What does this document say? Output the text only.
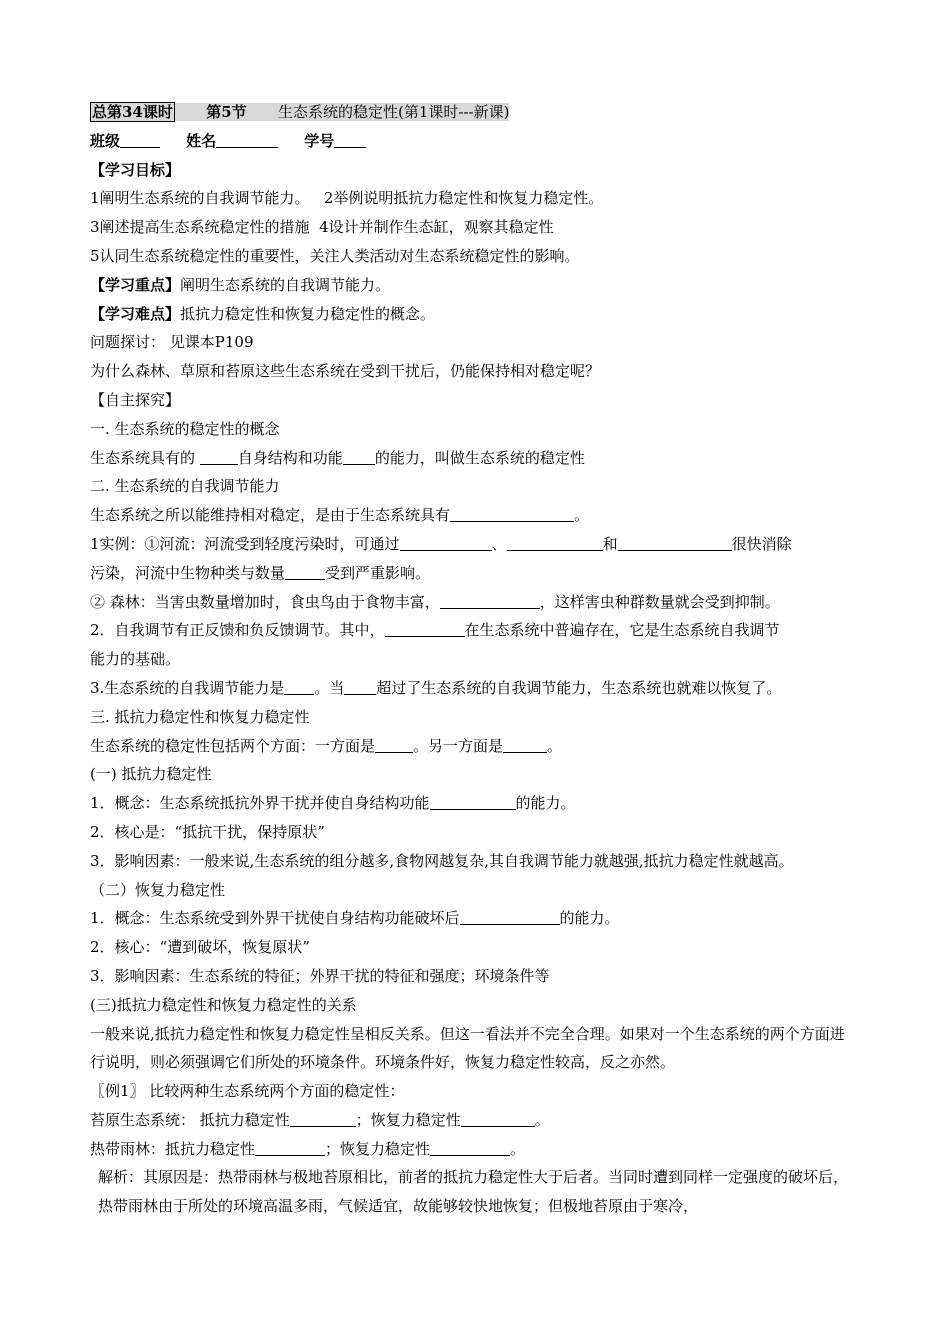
总第34课时 第5节 生态系统的稳定性(第1课时---新课)
班级	姓名	学号
【学习目标】
1阐明生态系统的自我调节能力。 2举例说明抵抗力稳定性和恢复力稳定性。
3阐述提高生态系统稳定性的措施 4设计并制作生态缸，观察其稳定性
5认同生态系统稳定性的重要性，关注人类活动对生态系统稳定性的影响。
【学习重点】阐明生态系统的自我调节能力。
【学习难点】抵抗力稳定性和恢复力稳定性的概念。
问题探讨： 见课本P109
为什么森林、草原和苔原这些生态系统在受到干扰后，仍能保持相对稳定呢？
【自主探究】
一. 生态系统的稳定性的概念
生态系统具有的	自身结构和功能 的能力，叫做生态系统的稳定性
二. 生态系统的自我调节能力
生态系统之所以能维持相对稳定，是由于生态系统具有	。
1实例：①河流：河流受到轻度污染时，可通过	、	和	很快消除
污染，河流中生物种类与数量	受到严重影响。
② 森林：当害虫数量增加时，食虫鸟由于食物丰富，	，这样害虫种群数量就会受到抑制。
2．自我调节有正反馈和负反馈调节。其中，	在生态系统中普遍存在，它是生态系统自我调节
能力的基础。
3.生态系统的自我调节能力是 。当 超过了生态系统的自我调节能力，生态系统也就难以恢复了。
三. 抵抗力稳定性和恢复力稳定性
生态系统的稳定性包括两个方面：一方面是	。另一方面是	。
(一) 抵抗力稳定性
1．概念：生态系统抵抗外界干扰并使自身结构功能	的能力。
2．核心是：“抵抗干扰，保持原状”
3．影响因素：一般来说,生态系统的组分越多,食物网越复杂,其自我调节能力就越强,抵抗力稳定性就越高。
（二）恢复力稳定性
1．概念：生态系统受到外界干扰使自身结构功能破坏后	的能力。
2．核心：“遭到破坏，恢复原状”
3．影响因素：生态系统的特征；外界干扰的特征和强度；环境条件等
(三)抵抗力稳定性和恢复力稳定性的关系
一般来说,抵抗力稳定性和恢复力稳定性呈相反关系。但这一看法并不完全合理。如果对一个生态系统的两个方面进行说明，则必须强调它们所处的环境条件。环境条件好，恢复力稳定性较高，反之亦然。
〖例1〗 比较两种生态系统两个方面的稳定性：
苔原生态系统： 抵抗力稳定性	；恢复力稳定性	。
热带雨林：抵抗力稳定性	；恢复力稳定性	。
解析：其原因是：热带雨林与极地苔原相比，前者的抵抗力稳定性大于后者。当同时遭到同样一定强度的破坏后，热带雨林由于所处的环境高温多雨，气候适宜，故能够较快地恢复；但极地苔原由于寒冷，
